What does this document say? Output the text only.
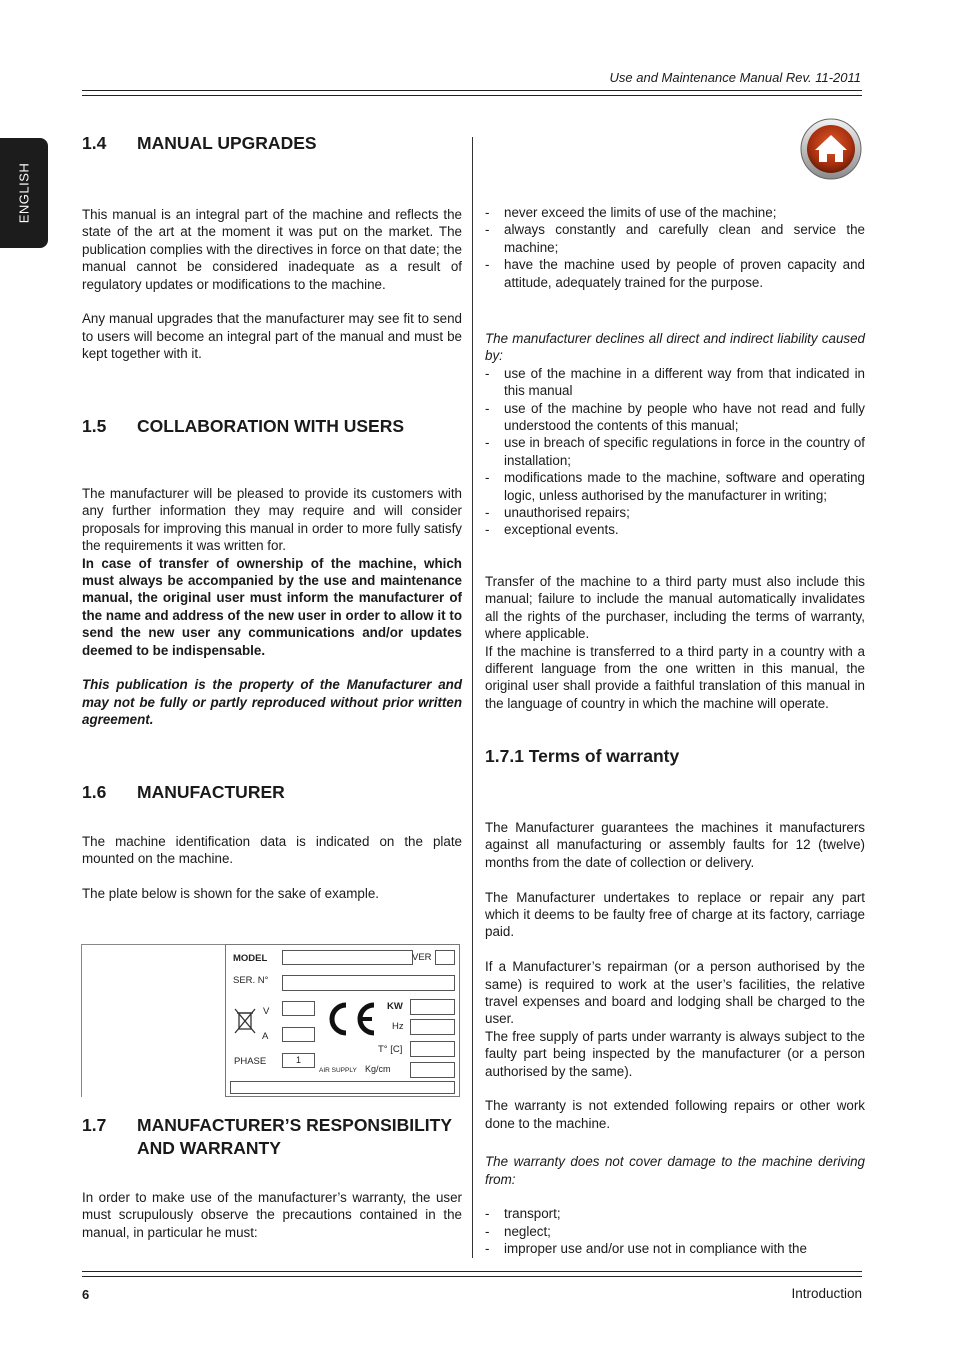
Use and Maintenance Manual Rev. 11-2011
ENGLISH
1.4	MANUAL UPGRADES

This manual is an integral part of the machine and reflects the state of the art at the moment it was put on the market. The publication complies with the directives in force on that date; the manual cannot be considered inadequate as a result of regulatory updates or modifications to the machine.

Any manual upgrades that the manufacturer may see fit to send to users will become an integral part of the manual and must be kept together with it.

1.5	COLLABORATION WITH USERS

The manufacturer will be pleased to provide its customers with any further information they may require and will consider proposals for improving this manual in order to more fully satisfy the requirements it was written for.

In case of transfer of ownership of the machine, which must always be accompanied by the use and maintenance manual, the original user must inform the manufacturer of the name and address of the new user in order to allow it to send the new user any communications and/or updates deemed to be indispensable.

This publication is the property of the Manufacturer and may not be fully or partly reproduced without prior written agreement.

1.6	MANUFACTURER

The machine identification data is indicated on the plate mounted on the machine.

The plate below is shown for the sake of example.

MODEL	VER
SER. N°
V
A
KW
Hz
T° [C]
PHASE	1
AIR SUPPLY Kg/cm
1.7	MANUFACTURER’S RESPONSIBILITY AND WARRANTY

In order to make use of the manufacturer’s warranty, the user must scrupulously observe the precautions contained in the manual, in particular he must:

- never exceed the limits of use of the machine;
- always constantly and carefully clean and service the machine;
- have the machine used by people of proven capacity and attitude, adequately trained for the purpose.

The manufacturer declines all direct and indirect liability caused by:

- use of the machine in a different way from that indicated in this manual
- use of the machine by people who have not read and fully understood the contents of this manual;
- use in breach of specific regulations in force in the country of installation;
- modifications made to the machine, software and operating logic, unless authorised by the manufacturer in writing;
- unauthorised repairs;
- exceptional events.

Transfer of the machine to a third party must also include this manual; failure to include the manual automatically invalidates all the rights of the purchaser, including the terms of warranty, where applicable.

If the machine is transferred to a third party in a country with a different language from the one written in this manual, the original user shall provide a faithful translation of this manual in the language of country in which the machine will operate.

1.7.1 Terms of warranty

The Manufacturer guarantees the machines it manufacturers against all manufacturing or assembly faults for 12 (twelve) months from the date of collection or delivery.

The Manufacturer undertakes to replace or repair any part which it deems to be faulty free of charge at its factory, carriage paid.

If a Manufacturer’s repairman (or a person authorised by the same) is required to work at the user’s facilities, the relative travel expenses and board and lodging shall be charged to the user.

The free supply of parts under warranty is always subject to the faulty part being inspected by the manufacturer (or a person authorised by the same).

The warranty is not extended following repairs or other work done to the machine.

The warranty does not cover damage to the machine deriving from:

- transport;
- neglect;
- improper use and/or use not in compliance with the
6	Introduction
